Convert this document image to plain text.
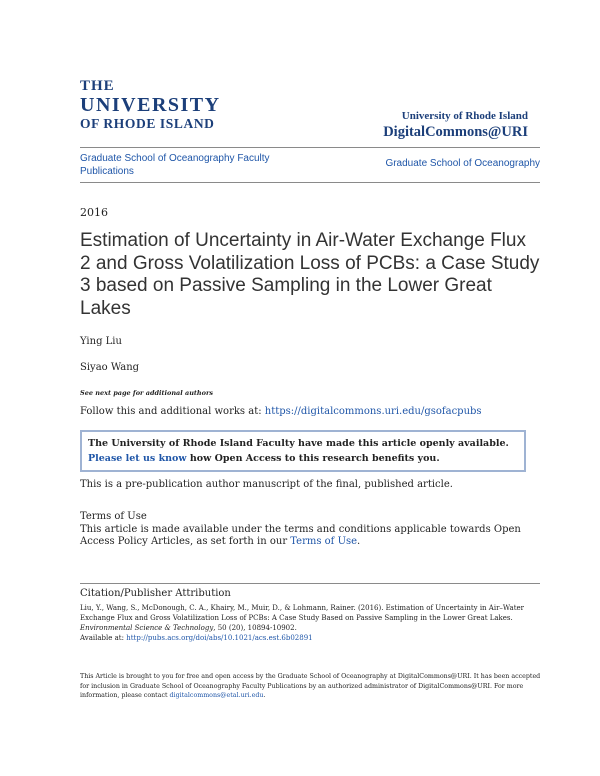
THE
UNIVERSITY
OF RHODE ISLAND	University of Rhode Island
DigitalCommons@URI
Graduate School of Oceanography Faculty Publications
Graduate School of Oceanography
2016
Estimation of Uncertainty in Air-Water Exchange Flux 2 and Gross Volatilization Loss of PCBs: a Case Study 3 based on Passive Sampling in the Lower Great Lakes
Ying Liu
Siyao Wang
See next page for additional authors
Follow this and additional works at: https://digitalcommons.uri.edu/gsofacpubs
The University of Rhode Island Faculty have made this article openly available.
Please let us know how Open Access to this research benefits you.
This is a pre-publication author manuscript of the final, published article.
Terms of Use
This article is made available under the terms and conditions applicable towards Open Access Policy Articles, as set forth in our Terms of Use.
Citation/Publisher Attribution
Liu, Y., Wang, S., McDonough, C. A., Khairy, M., Muir, D., & Lohmann, Rainer. (2016). Estimation of Uncertainty in Air–Water Exchange Flux and Gross Volatilization Loss of PCBs: A Case Study Based on Passive Sampling in the Lower Great Lakes.
Environmental Science & Technology, 50 (20), 10894-10902.
Available at: http://pubs.acs.org/doi/abs/10.1021/acs.est.6b02891
This Article is brought to you for free and open access by the Graduate School of Oceanography at DigitalCommons@URI. It has been accepted for inclusion in Graduate School of Oceanography Faculty Publications by an authorized administrator of DigitalCommons@URI. For more information, please contact digitalcommons@etal.uri.edu.
